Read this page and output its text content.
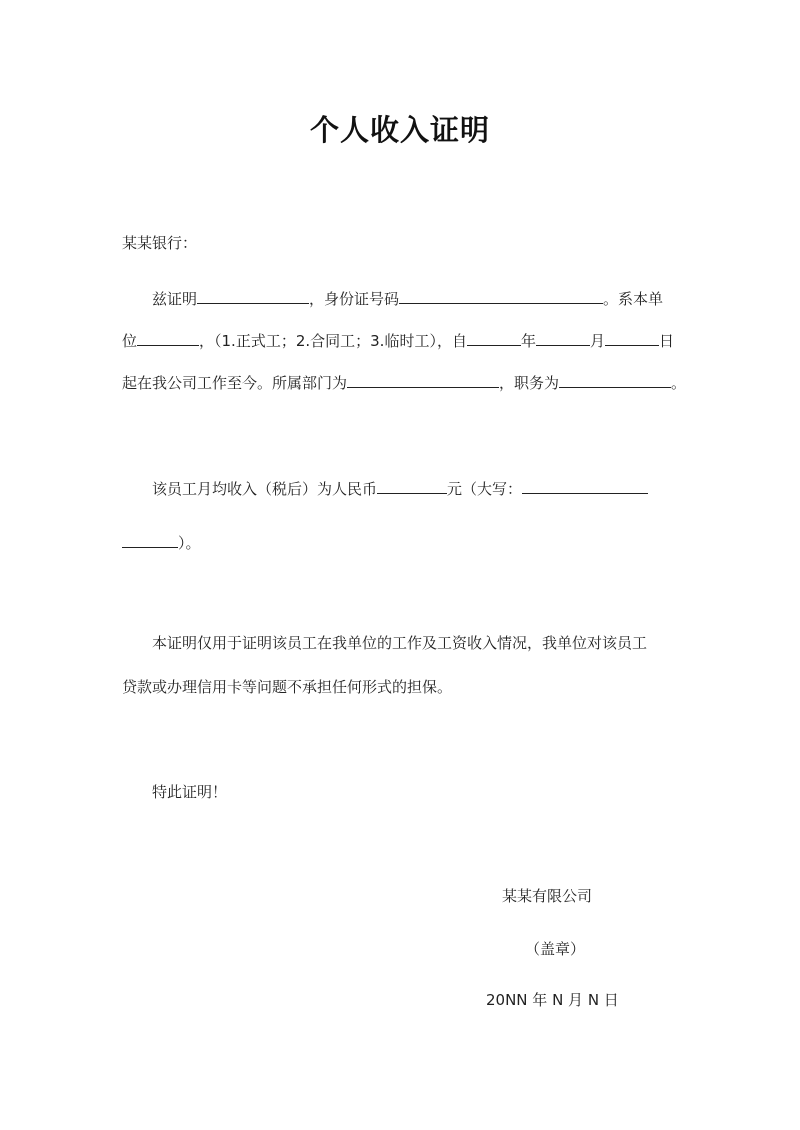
个人收入证明
某某银行：
兹证明	，身份证号码	。系本单
位	，（1.正式工；2.合同工；3.临时工），自	年	月	日
起在我公司工作至今。所属部门为	，职务为	。
该员工月均收入（税后）为人民币	元（大写：
）。
本证明仅用于证明该员工在我单位的工作及工资收入情况，我单位对该员工
贷款或办理信用卡等问题不承担任何形式的担保。
特此证明！
某某有限公司
（盖章）
20NN 年 N 月 N 日
